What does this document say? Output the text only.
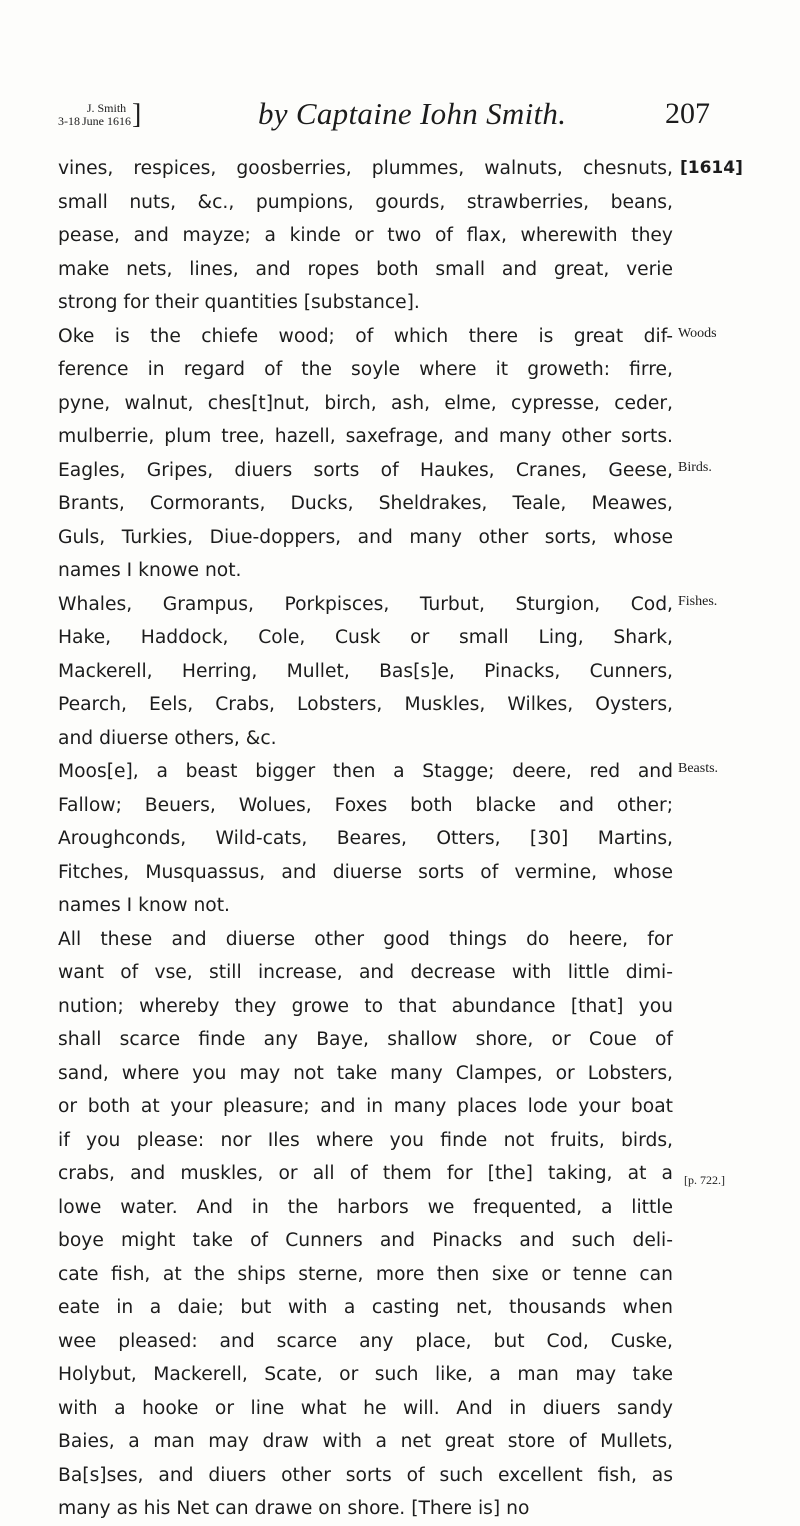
3-18
J. Smith
June 1616 ]	by Captaine Iohn Smith.	207
vines, respices, goosberries, plummes, walnuts, chesnuts,
small nuts, &c., pumpions, gourds, strawberries, beans,
pease, and mayze; a kinde or two of flax, wherewith they
make nets, lines, and ropes both small and great, verie
strong for their quantities [substance].
Oke is the chiefe wood; of which there is great dif-
ference in regard of the soyle where it groweth: firre,
pyne, walnut, ches[t]nut, birch, ash, elme, cypresse, ceder,
mulberrie, plum tree, hazell, saxefrage, and many other sorts.
Eagles, Gripes, diuers sorts of Haukes, Cranes, Geese,
Brants, Cormorants, Ducks, Sheldrakes, Teale, Meawes,
Guls, Turkies, Diue-doppers, and many other sorts, whose
names I knowe not.
Whales, Grampus, Porkpisces, Turbut, Sturgion, Cod,
Hake, Haddock, Cole, Cusk or small Ling, Shark,
Mackerell, Herring, Mullet, Bas[s]e, Pinacks, Cunners,
Pearch, Eels, Crabs, Lobsters, Muskles, Wilkes, Oysters,
and diuerse others, &c.
Moos[e], a beast bigger then a Stagge; deere, red and
Fallow; Beuers, Wolues, Foxes both blacke and other;
Aroughconds, Wild-cats, Beares, Otters, [30] Martins,
Fitches, Musquassus, and diuerse sorts of vermine, whose
names I know not.
All these and diuerse other good things do heere, for
want of vse, still increase, and decrease with little dimi-
nution; whereby they growe to that abundance [that] you
shall scarce finde any Baye, shallow shore, or Coue of
sand, where you may not take many Clampes, or Lobsters,
or both at your pleasure; and in many places lode your boat
if you please: nor Iles where you finde not fruits, birds,
crabs, and muskles, or all of them for [the] taking, at a
lowe water. And in the harbors we frequented, a little
boye might take of Cunners and Pinacks and such deli-
cate fish, at the ships sterne, more then sixe or tenne can
eate in a daie; but with a casting net, thousands when
wee pleased: and scarce any place, but Cod, Cuske,
Holybut, Mackerell, Scate, or such like, a man may take
with a hooke or line what he will. And in diuers sandy
Baies, a man may draw with a net great store of Mullets,
Ba[s]ses, and diuers other sorts of such excellent fish, as
many as his Net can drawe on shore. [There is] no
[1614]
Woods
Birds.
Fishes.
Beasts.
[p. 722.]
